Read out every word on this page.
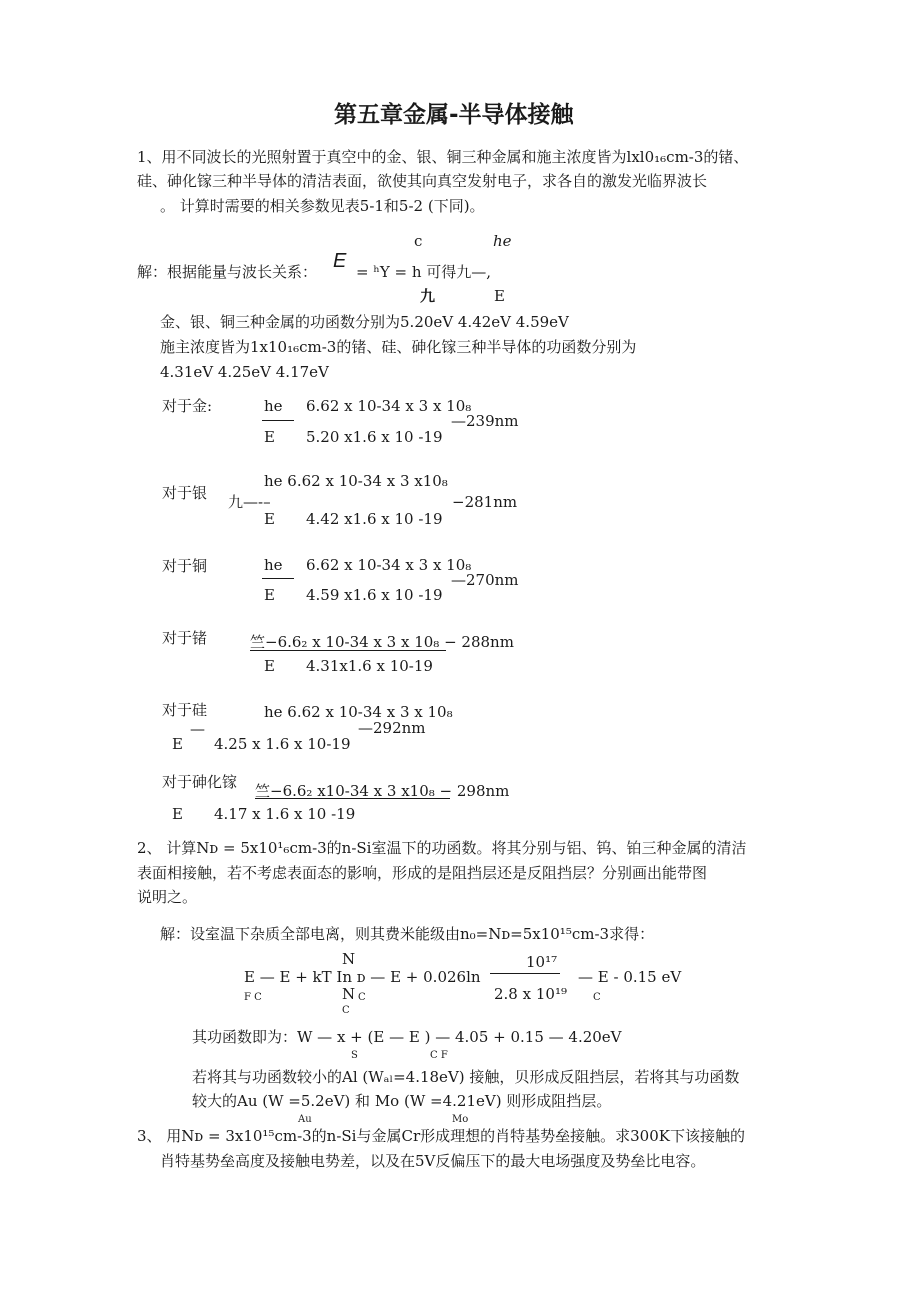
第五章金属-半导体接触
1、用不同波长的光照射置于真空中的金、银、铜三种金属和施主浓度皆为lxl0₁₆cm-3的锗、
硅、砷化镓三种半导体的清洁表面，欲使其向真空发射电子，求各自的激发光临界波长
。 计算时需要的相关参数见表5-1和5-2 (下同)。
c	he
解：根据能量与波长关系： E = ʰY = h 可得九—,
九	E
金、银、铜三种金属的功函数分别为5.20eV 4.42eV 4.59eV
施主浓度皆为1x10₁₆cm-3的锗、硅、砷化镓三种半导体的功函数分别为
4.31eV 4.25eV 4.17eV
对于金:	he 6.62 x 10-34 x 3 x 10₈
—239nm
E 5.20 x1.6 x 10 -19
对于银
he 6.62 x 10-34 x 3 x10₈
九—-–	−281nm
E 4.42 x1.6 x 10 -19
对于铜	he 6.62 x 10-34 x 3 x 10₈
—270nm
E 4.59 x1.6 x 10 -19
对于锗	竺−6.6₂ x 10-34 x 3 x 10₈ − 288nm
E 4.31x1.6 x 10-19
对于硅	he 6.62 x 10-34 x 3 x 10₈
—	—292nm
E 4.25 x 1.6 x 10-19
对于砷化镓 竺−6.6₂ x10-34 x 3 x10₈ − 298nm
E 4.17 x 1.6 x 10 -19
2、 计算Nᴅ = 5x10¹₆cm-3的n-Si室温下的功函数。将其分别与铝、钨、铂三种金属的清洁
表面相接触，若不考虑表面态的影响，形成的是阻挡层还是反阻挡层？分别画出能带图
说明之。
解：设室温下杂质全部电离，则其费米能级由n₀=Nᴅ=5x10¹⁵cm-3求得：
N	10¹⁷
E — E + kT In ᴅ — E + 0.026ln	— E - 0.15 eV
F C	N C	2.8 x 10¹⁹	C
C
其功函数即为：W — x + (E — E ) — 4.05 + 0.15 — 4.20eV
S	C F
若将其与功函数较小的Al (Wₐₗ=4.18eV) 接触，贝形成反阻挡层，若将其与功函数
较大的Au (W =5.2eV) 和 Mo (W =4.21eV) 则形成阻挡层。
Au	Mo
3、 用Nᴅ = 3x10¹⁵cm-3的n-Si与金属Cr形成理想的肖特基势垒接触。求300K下该接触的
肖特基势垒高度及接触电势差，以及在5V反偏压下的最大电场强度及势垒比电容。
